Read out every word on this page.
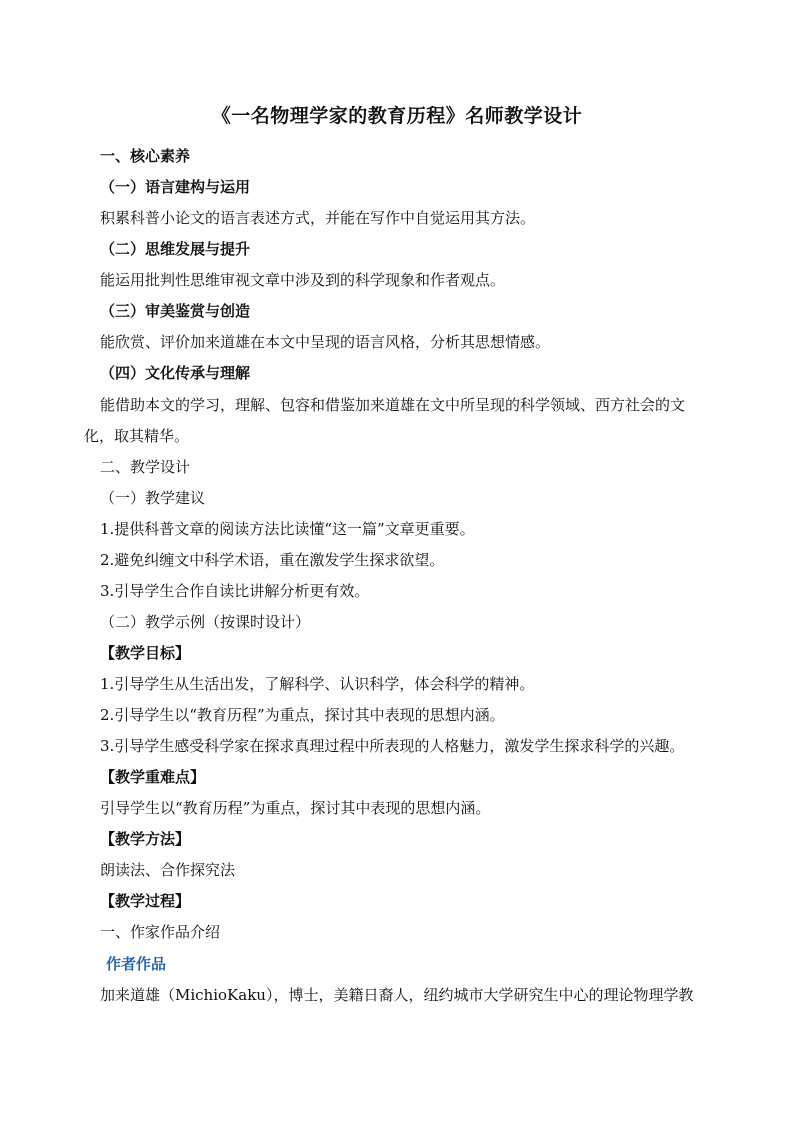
《一名物理学家的教育历程》名师教学设计
一、核心素养
（一）语言建构与运用
积累科普小论文的语言表述方式，并能在写作中自觉运用其方法。
（二）思维发展与提升
能运用批判性思维审视文章中涉及到的科学现象和作者观点。
（三）审美鉴赏与创造
能欣赏、评价加来道雄在本文中呈现的语言风格，分析其思想情感。
（四）文化传承与理解
能借助本文的学习，理解、包容和借鉴加来道雄在文中所呈现的科学领域、西方社会的文
化，取其精华。
二、教学设计
（一）教学建议
1.提供科普文章的阅读方法比读懂“这一篇”文章更重要。
2.避免纠缠文中科学术语，重在激发学生探求欲望。
3.引导学生合作自读比讲解分析更有效。
（二）教学示例（按课时设计）
【教学目标】
1.引导学生从生活出发，了解科学、认识科学，体会科学的精神。
2.引导学生以“教育历程”为重点，探讨其中表现的思想内涵。
3.引导学生感受科学家在探求真理过程中所表现的人格魅力，激发学生探求科学的兴趣。
【教学重难点】
引导学生以“教育历程”为重点，探讨其中表现的思想内涵。
【教学方法】
朗读法、合作探究法
【教学过程】
一、作家作品介绍
作者作品
加来道雄（MichioKaku），博士，美籍日裔人，纽约城市大学研究生中心的理论物理学教
